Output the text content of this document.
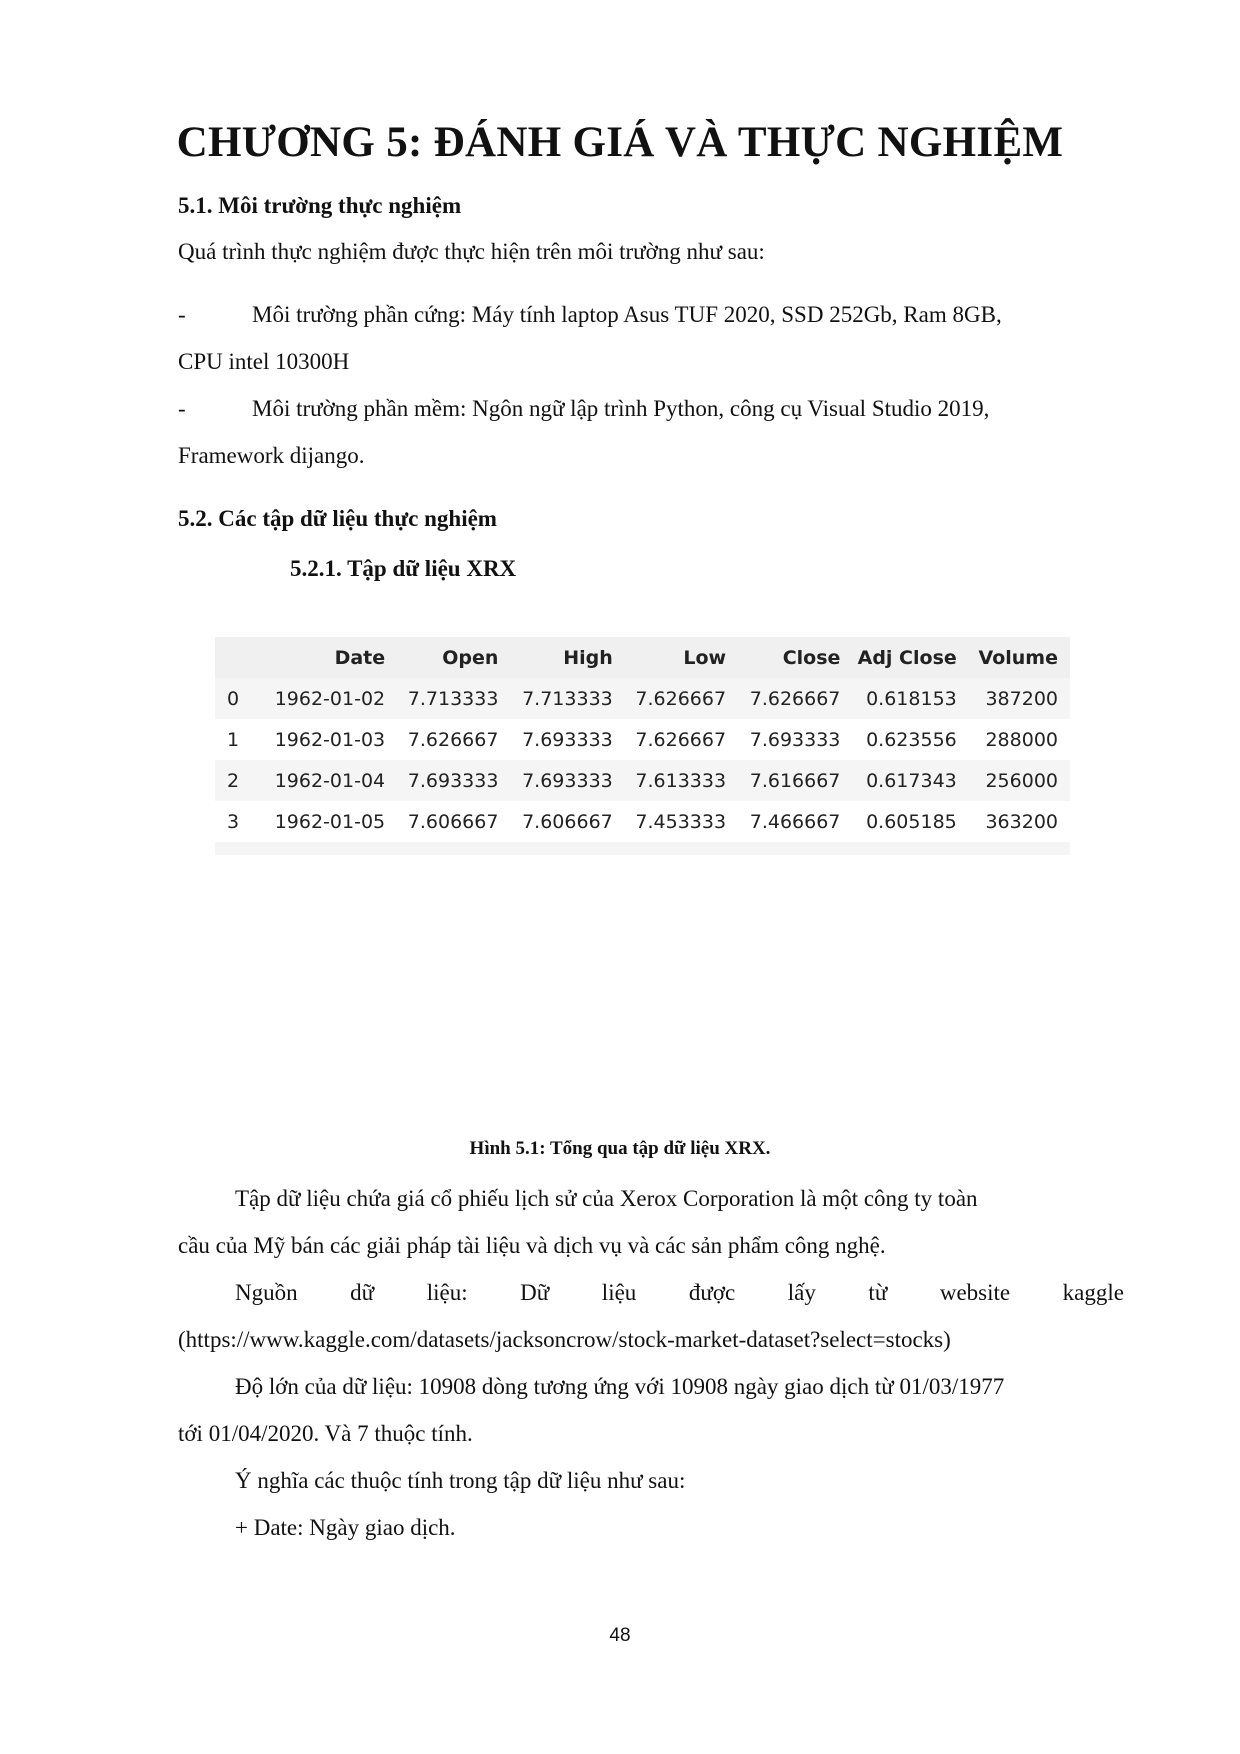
CHƯƠNG 5: ĐÁNH GIÁ VÀ THỰC NGHIỆM
5.1. Môi trường thực nghiệm
Quá trình thực nghiệm được thực hiện trên môi trường như sau:
-	Môi trường phần cứng: Máy tính laptop Asus TUF 2020, SSD 252Gb, Ram 8GB,
CPU intel 10300H
-	Môi trường phần mềm: Ngôn ngữ lập trình Python, công cụ Visual Studio 2019,
Framework dijango.
5.2. Các tập dữ liệu thực nghiệm
5.2.1. Tập dữ liệu XRX
	Date	Open	High	Low	Close	Adj Close	Volume
0	1962-01-02	7.713333	7.713333	7.626667	7.626667	0.618153	387200
1	1962-01-03	7.626667	7.693333	7.626667	7.693333	0.623556	288000
2	1962-01-04	7.693333	7.693333	7.613333	7.616667	0.617343	256000
3	1962-01-05	7.606667	7.606667	7.453333	7.466667	0.605185	363200

Hình 5.1: Tổng qua tập dữ liệu XRX.
Tập dữ liệu chứa giá cổ phiếu lịch sử của Xerox Corporation là một công ty toàn
cầu của Mỹ bán các giải pháp tài liệu và dịch vụ và các sản phẩm công nghệ.
Nguồn dữ liệu: Dữ liệu được lấy từ website kaggle
(https://www.kaggle.com/datasets/jacksoncrow/stock-market-dataset?select=stocks)
Độ lớn của dữ liệu: 10908 dòng tương ứng với 10908 ngày giao dịch từ 01/03/1977
tới 01/04/2020. Và 7 thuộc tính.
Ý nghĩa các thuộc tính trong tập dữ liệu như sau:
+ Date: Ngày giao dịch.
48
